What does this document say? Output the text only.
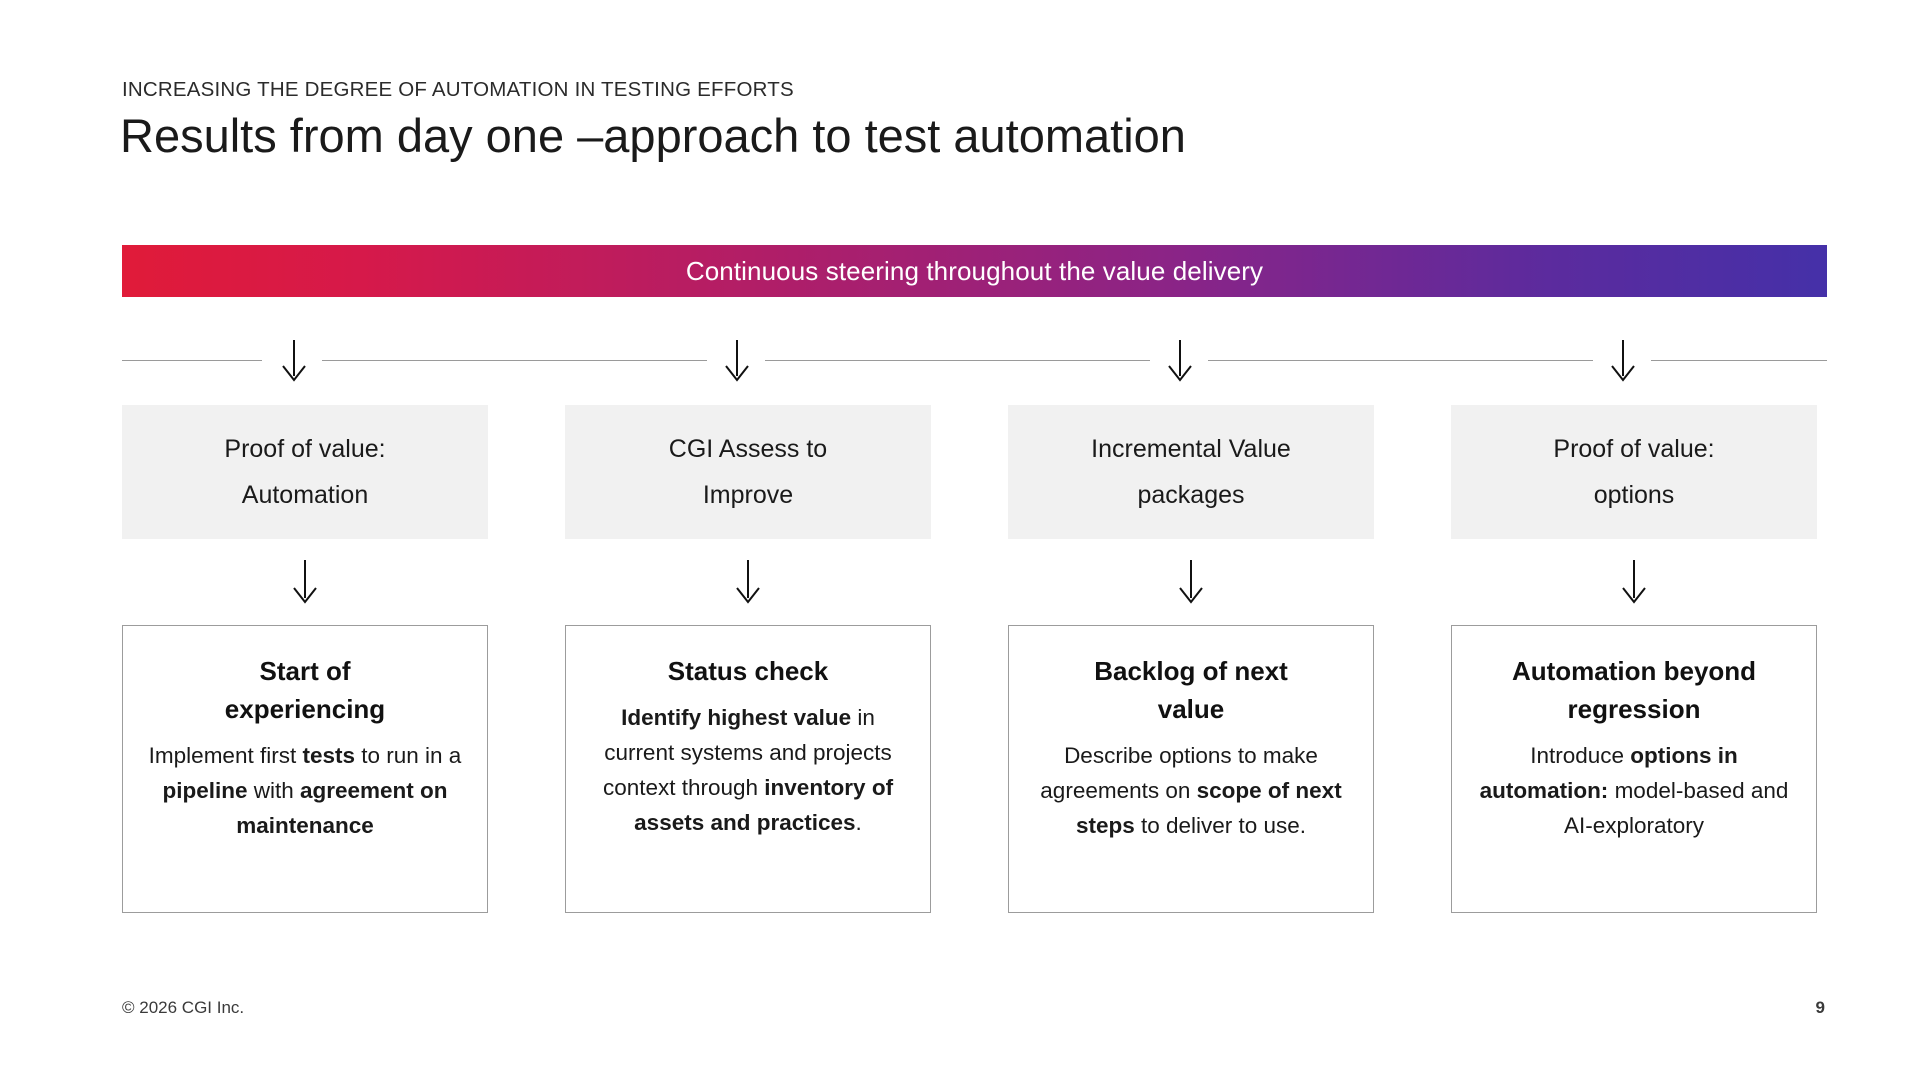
INCREASING THE DEGREE OF AUTOMATION IN TESTING EFFORTS
Results from day one –approach to test automation
Continuous steering throughout the value delivery
Proof of value:
Automation
Start of
experiencing
Implement first tests to run in a pipeline with agreement on maintenance
CGI Assess to
Improve
Status check
Identify highest value in current systems and projects context through inventory of assets and practices.
Incremental Value
packages
Backlog of next
value
Describe options to make agreements on scope of next steps to deliver to use.
Proof of value:
options
Automation beyond
regression
Introduce options in automation: model-based and AI-exploratory
© 2026 CGI Inc.	9
